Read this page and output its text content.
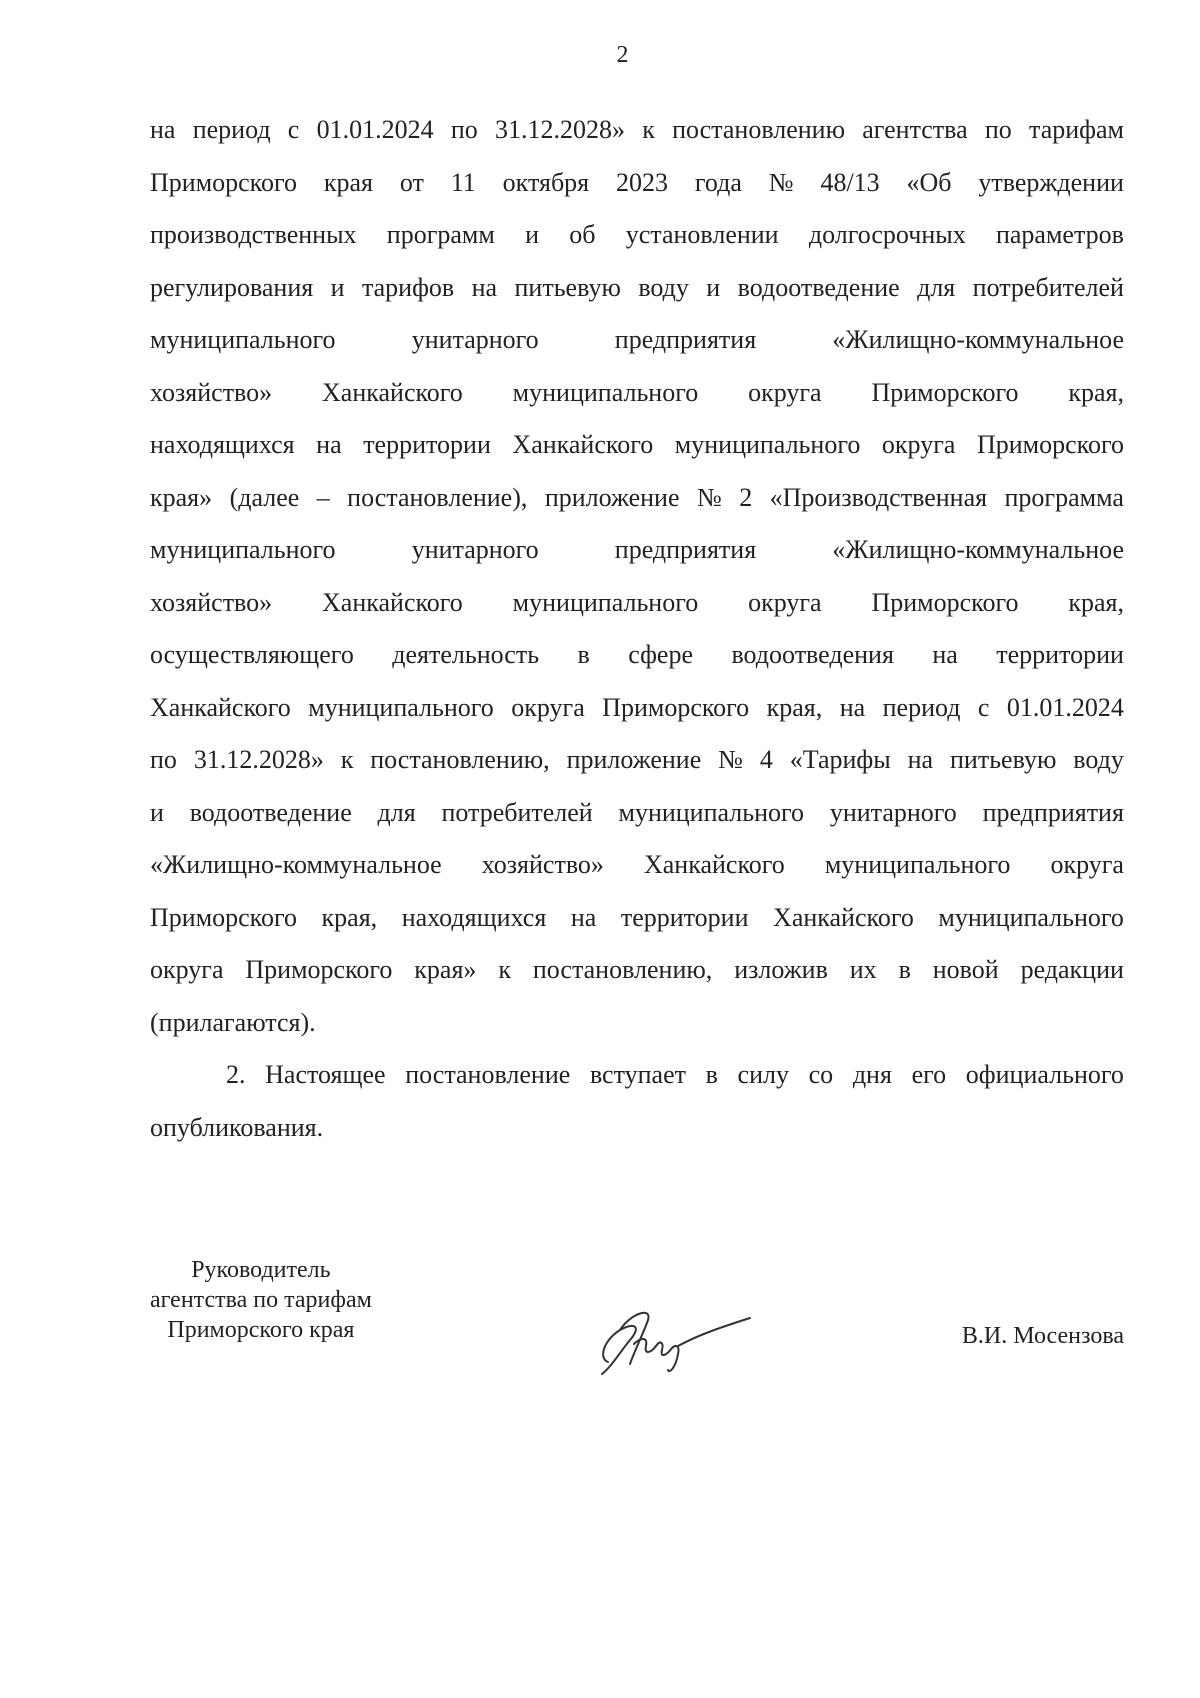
2
на период с 01.01.2024 по 31.12.2028» к постановлению агентства по тарифам
Приморского края от 11 октября 2023 года № 48/13 «Об утверждении
производственных программ и об установлении долгосрочных параметров
регулирования и тарифов на питьевую воду и водоотведение для потребителей
муниципального	унитарного	предприятия	«Жилищно-коммунальное
хозяйство» Ханкайского муниципального округа Приморского края,
находящихся на территории Ханкайского муниципального округа Приморского
края» (далее – постановление), приложение № 2 «Производственная программа
муниципального	унитарного	предприятия	«Жилищно-коммунальное
хозяйство» Ханкайского муниципального округа Приморского края,
осуществляющего деятельность в сфере водоотведения на территории
Ханкайского муниципального округа Приморского края, на период с 01.01.2024
по 31.12.2028» к постановлению, приложение № 4 «Тарифы на питьевую воду
и водоотведение для потребителей муниципального унитарного предприятия
«Жилищно-коммунальное хозяйство» Ханкайского муниципального округа
Приморского края, находящихся на территории Ханкайского муниципального
округа Приморского края» к постановлению, изложив их в новой редакции
(прилагаются).
2. Настоящее постановление вступает в силу со дня его официального
опубликования.
Руководитель
агентства по тарифам
Приморского края	В.И. Мосензова
